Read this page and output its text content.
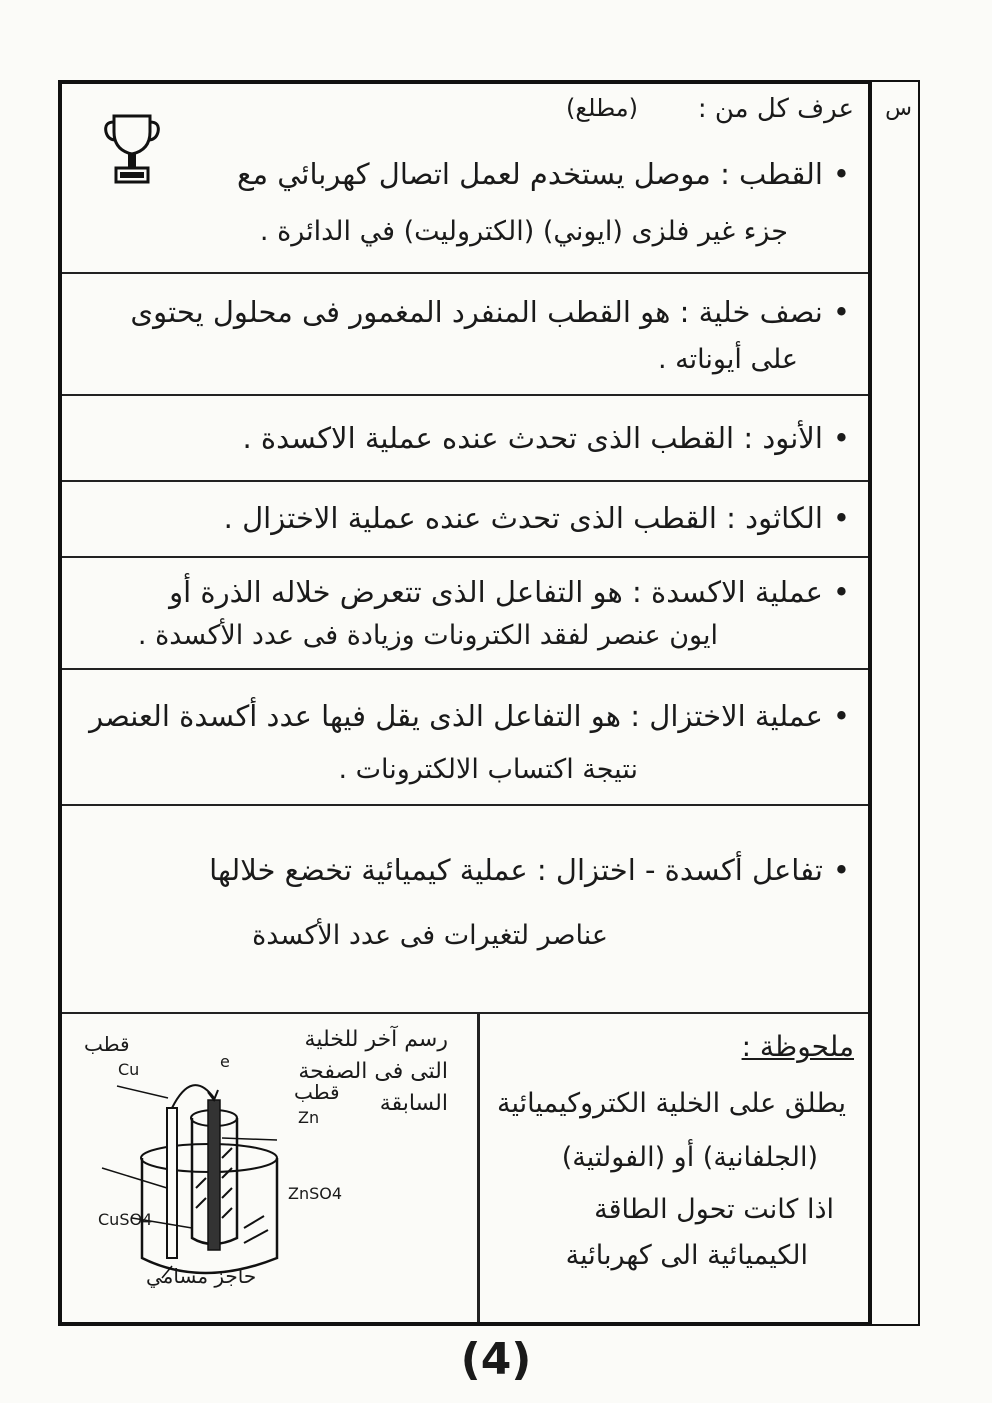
عرف كل من :
(مطلع)
•القطب : موصل يستخدم لعمل اتصال كهربائي مع
جزء غير فلزى (ايوني) (الكتروليت) في الدائرة .
•نصف خلية : هو القطب المنفرد المغمور فى محلول يحتوى
على أيوناته .
•الأنود : القطب الذى تحدث عنده عملية الاكسدة .
•الكاثود : القطب الذى تحدث عنده عملية الاختزال .
•عملية الاكسدة : هو التفاعل الذى تتعرض خلاله الذرة أو
ايون عنصر لفقد الكترونات وزيادة فى عدد الأكسدة .
•عملية الاختزال : هو التفاعل الذى يقل فيها عدد أكسدة العنصر
نتيجة اكتساب الالكترونات .
•تفاعل أكسدة - اختزال : عملية كيميائية تخضع خلالها
عناصر لتغيرات فى عدد الأكسدة
ملحوظة :
يطلق على الخلية الكتروكيميائية
(الجلفانية) أو (الفولتية)
اذا كانت تحول الطاقة
الكيميائية الى كهربائية
رسم آخر للخلية
التى فى الصفحة
السابقة
قطب
Cu	e
قطب
Zn
ZnSO4
CuSO4
حاجز مسامي
س
(4)
